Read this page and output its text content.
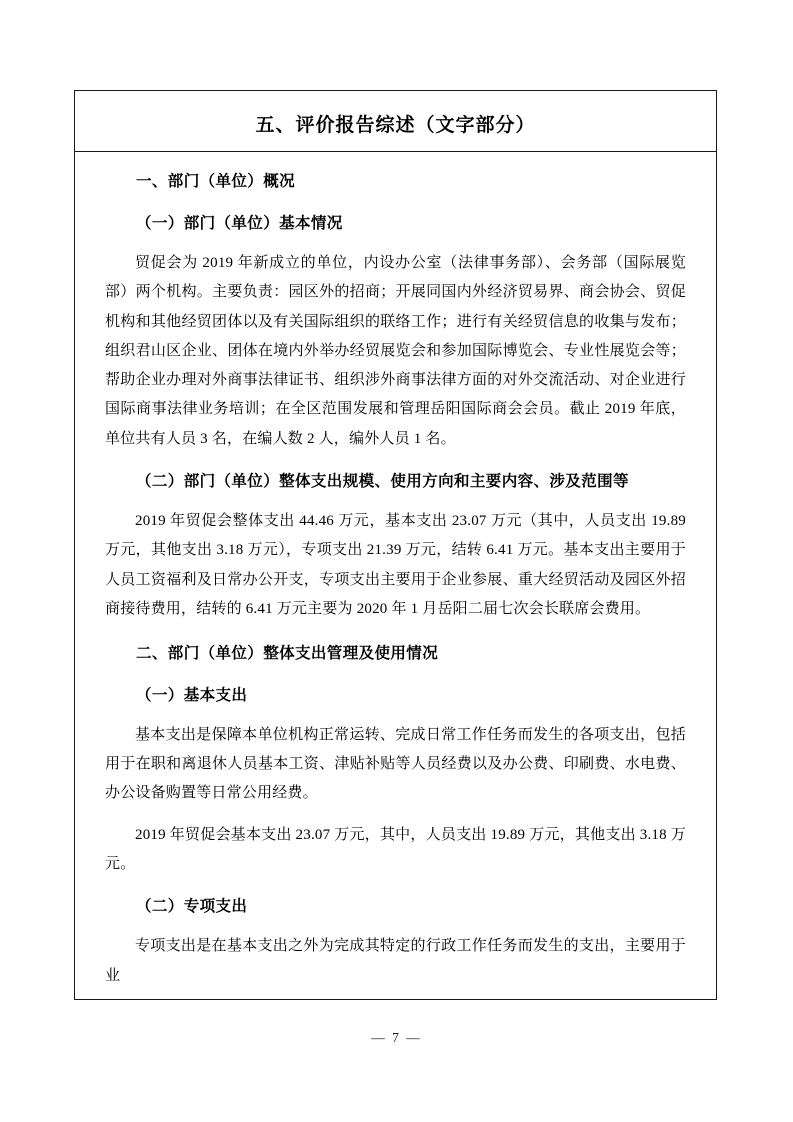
五、评价报告综述（文字部分）
一、部门（单位）概况
（一）部门（单位）基本情况
贸促会为 2019 年新成立的单位，内设办公室（法律事务部）、会务部（国际展览部）两个机构。主要负责：园区外的招商；开展同国内外经济贸易界、商会协会、贸促机构和其他经贸团体以及有关国际组织的联络工作；进行有关经贸信息的收集与发布；组织君山区企业、团体在境内外举办经贸展览会和参加国际博览会、专业性展览会等；帮助企业办理对外商事法律证书、组织涉外商事法律方面的对外交流活动、对企业进行国际商事法律业务培训；在全区范围发展和管理岳阳国际商会会员。截止 2019 年底，单位共有人员 3 名，在编人数 2 人，编外人员 1 名。
（二）部门（单位）整体支出规模、使用方向和主要内容、涉及范围等
2019 年贸促会整体支出 44.46 万元，基本支出 23.07 万元（其中，人员支出 19.89 万元，其他支出 3.18 万元），专项支出 21.39 万元，结转 6.41 万元。基本支出主要用于人员工资福利及日常办公开支，专项支出主要用于企业参展、重大经贸活动及园区外招商接待费用，结转的 6.41 万元主要为 2020 年 1 月岳阳二届七次会长联席会费用。
二、部门（单位）整体支出管理及使用情况
（一）基本支出
基本支出是保障本单位机构正常运转、完成日常工作任务而发生的各项支出，包括用于在职和离退休人员基本工资、津贴补贴等人员经费以及办公费、印刷费、水电费、办公设备购置等日常公用经费。
2019 年贸促会基本支出 23.07 万元，其中，人员支出 19.89 万元，其他支出 3.18 万元。
（二）专项支出
专项支出是在基本支出之外为完成其特定的行政工作任务而发生的支出，主要用于业
— 7 —
